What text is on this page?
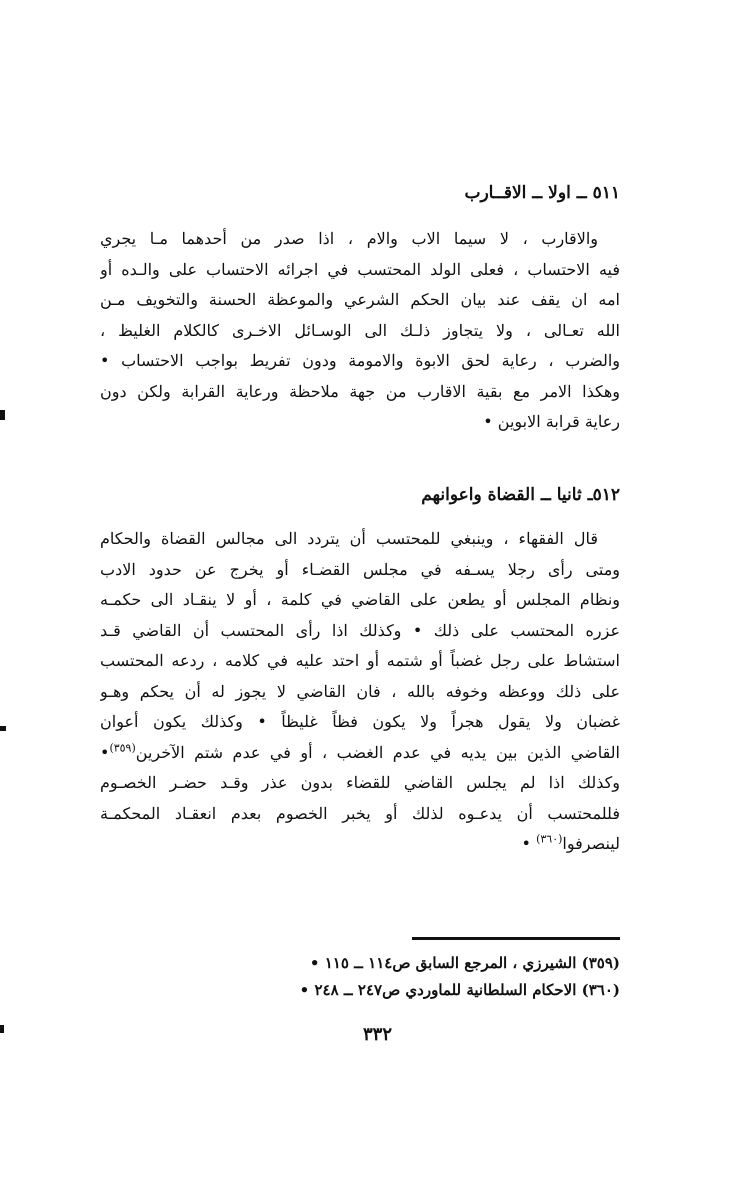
٥١١ ــ اولا ــ الاقــارب
والاقارب ، لا سيما الاب والام ، اذا صدر من أحدهما مـا يجري
فيه الاحتساب ، فعلى الولد المحتسب في اجرائه الاحتساب على والـده أو
امه ان يقف عند بيان الحكم الشرعي والموعظة الحسنة والتخويف مـن
الله تعـالى ، ولا يتجاوز ذلـك الى الوسـائل الاخـرى كالكلام الغليظ ،
والضرب ، رعاية لحق الابوة والامومة ودون تفريط بواجب الاحتساب •
وهكذا الامر مع بقية الاقارب من جهة ملاحظة ورعاية القرابة ولكن دون
رعاية قرابة الابوين •
٥١٢ـ ثانيا ــ القضاة واعوانهم
قال الفقهاء ، وينبغي للمحتسب أن يتردد الى مجالس القضاة والحكام
ومتى رأى رجلا يسـفه في مجلس القضـاء أو يخرج عن حدود الادب
ونظام المجلس أو يطعن على القاضي في كلمة ، أو لا ينقـاد الى حكمـه
عزره المحتسب على ذلك • وكذلك اذا رأى المحتسب أن القاضي قـد
استشاط على رجل غضباً أو شتمه أو احتد عليه في كلامه ، ردعه المحتسب
على ذلك ووعظه وخوفه بالله ، فان القاضي لا يجوز له أن يحكم وهـو
غضبان ولا يقول هجراً ولا يكون فظاً غليظاً • وكذلك يكون أعوان
القاضي الذين بين يديه في عدم الغضب ، أو في عدم شتم الآخرين$^{(٣٥٩)}$•
وكذلك اذا لم يجلس القاضي للقضاء بدون عذر وقـد حضـر الخصـوم
فللمحتسب أن يدعـوه لذلك أو يخبر الخصوم بعدم انعقـاد المحكمـة
لينصرفوا$^{(٣٦٠)}$ •
(٣٥٩) الشيرزي ، المرجع السابق ص١١٤ ــ ١١٥ •
(٣٦٠) الاحكام السلطانية للماوردي ص٢٤٧ ــ ٢٤٨ •
٣٣٢
